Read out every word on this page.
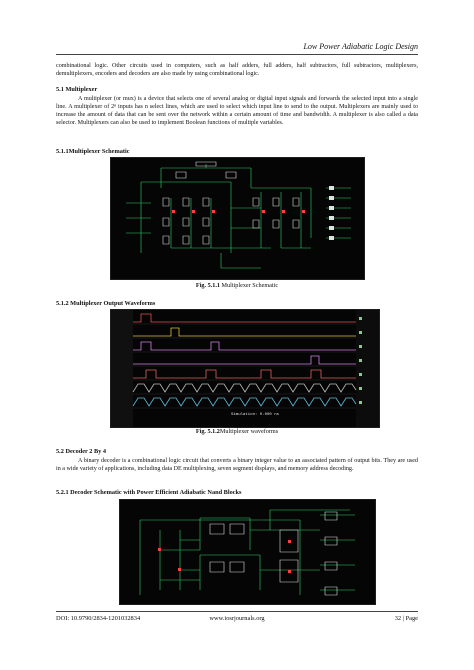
Low Power Adiabatic Logic Design
combinational logic. Other circuits used in computers, such as half adders, full adders, half subtractors, full subtractors, multiplexers, demultiplexers, encoders and decoders are also made by using combinational logic.
5.1 Multiplexer
A multiplexer (or mux) is a device that selects one of several analog or digital input signals and forwards the selected input into a single line. A multiplexer of 2ⁿ inputs has n select lines, which are used to select which input line to send to the output. Multiplexers are mainly used to increase the amount of data that can be sent over the network within a certain amount of time and bandwidth. A multiplexer is also called a data selector. Multiplexers can also be used to implement Boolean functions of multiple variables.
5.1.1Multiplexer Schematic
Fig. 5.1.1 Multiplexer Schematic
5.1.2 Multiplexer Output Waveforms
Simulation: 0.000 ns
Fig. 5.1.2Multiplexer waveforms
5.2 Decoder 2 By 4
A binary decoder is a combinational logic circuit that converts a binary integer value to an associated pattern of output bits. They are used in a wide variety of applications, including data DE multiplexing, seven segment displays, and memory address decoding.
5.2.1 Decoder Schematic with Power Efficient Adiabatic Nand Blocks
DOI: 10.9790/2834-1201032834	www.iosrjournals.org	32 | Page
